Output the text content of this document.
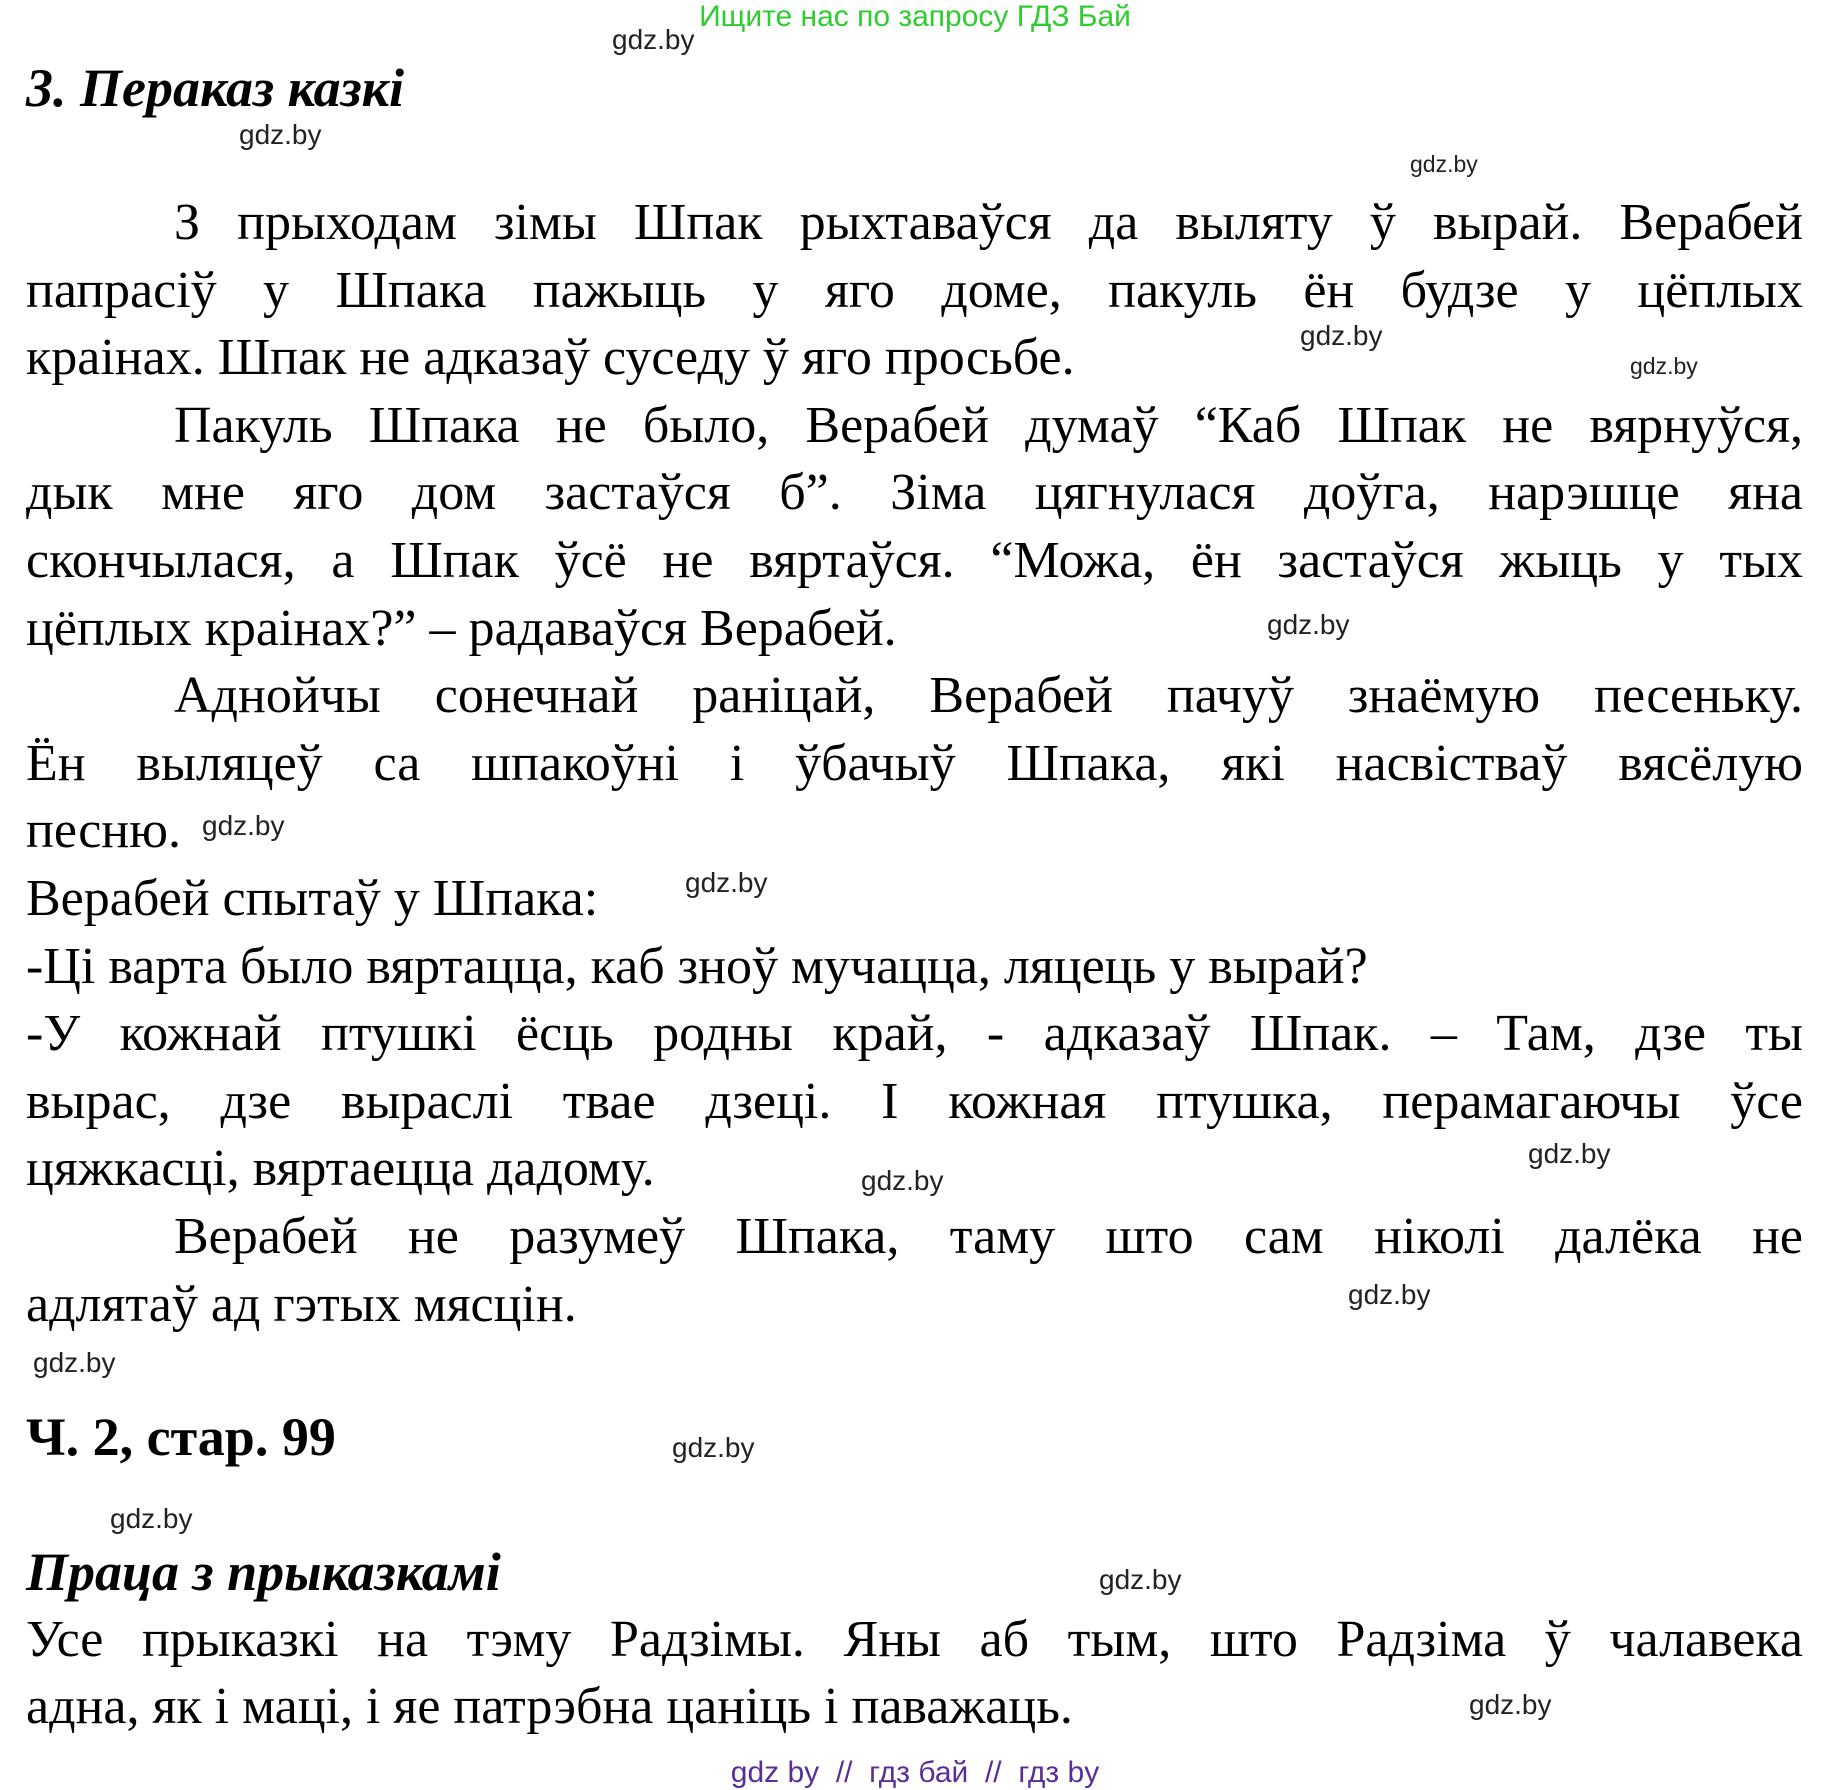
Ищите нас по запросу ГДЗ Бай
3. Пераказ казкі
З прыходам зімы Шпак рыхтаваўся да выляту ў вырай. Верабей
папрасіў у Шпака пажыць у яго доме, пакуль ён будзе у цёплых
краінах. Шпак не адказаў суседу ў яго просьбе.
Пакуль Шпака не было, Верабей думаў “Каб Шпак не вярнуўся,
дык мне яго дом застаўся б”. Зіма цягнулася доўга, нарэшце яна
скончылася, а Шпак ўсё не вяртаўся. “Можа, ён застаўся жыць у тых
цёплых краінах?” – радаваўся Верабей.
Аднойчы сонечнай раніцай, Верабей пачуў знаёмую песеньку.
Ён выляцеў са шпакоўні і ўбачыў Шпака, які насвістваў вясёлую
песню.
Верабей спытаў у Шпака:
-Ці варта было вяртацца, каб зноў мучацца, ляцець у вырай?
-У кожнай птушкі ёсць родны край, - адказаў Шпак. – Там, дзе ты
вырас, дзе выраслі твае дзеці. І кожная птушка, перамагаючы ўсе
цяжкасці, вяртаецца дадому.
Верабей не разумеў Шпака, таму што сам ніколі далёка не
адлятаў ад гэтых мясцін.
Ч. 2, стар. 99
Праца з прыказкамі
Усе прыказкі на тэму Радзімы. Яны аб тым, што Радзіма ў чалавека
адна, як і маці, і яе патрэбна цаніць і паважаць.
gdz.by
gdz.by
gdz.by
gdz.by
gdz.by
gdz.by
gdz.by
gdz.by
gdz.by
gdz.by
gdz.by
gdz.by
gdz.by
gdz.by
gdz.by
gdz.by
gdz by  //  гдз бай  //  гдз by
